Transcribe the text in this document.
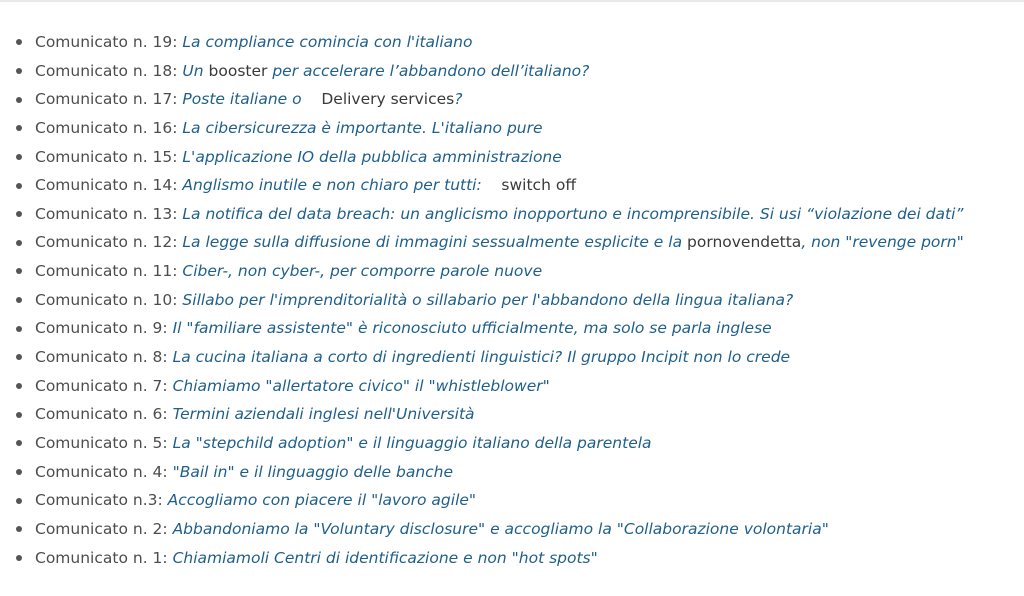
Comunicato n. 19: La compliance comincia con l'italiano
Comunicato n. 18: Un booster per accelerare l’abbandono dell’italiano?
Comunicato n. 17: Poste italiane o    Delivery services?
Comunicato n. 16: La cibersicurezza è importante. L'italiano pure
Comunicato n. 15: L'applicazione IO della pubblica amministrazione
Comunicato n. 14: Anglismo inutile e non chiaro per tutti:    switch off
Comunicato n. 13: La notifica del data breach: un anglicismo inopportuno e incomprensibile. Si usi “violazione dei dati”
Comunicato n. 12: La legge sulla diffusione di immagini sessualmente esplicite e la pornovendetta, non "revenge porn"
Comunicato n. 11: Ciber-, non cyber-, per comporre parole nuove
Comunicato n. 10: Sillabo per l'imprenditorialità o sillabario per l'abbandono della lingua italiana?
Comunicato n. 9: Il "familiare assistente" è riconosciuto ufficialmente, ma solo se parla inglese
Comunicato n. 8: La cucina italiana a corto di ingredienti linguistici? Il gruppo Incipit non lo crede
Comunicato n. 7: Chiamiamo "allertatore civico" il "whistleblower"
Comunicato n. 6: Termini aziendali inglesi nell'Università
Comunicato n. 5: La "stepchild adoption" e il linguaggio italiano della parentela
Comunicato n. 4: "Bail in" e il linguaggio delle banche
Comunicato n.3: Accogliamo con piacere il "lavoro agile"
Comunicato n. 2: Abbandoniamo la "Voluntary disclosure" e accogliamo la "Collaborazione volontaria"
Comunicato n. 1: Chiamiamoli Centri di identificazione e non "hot spots"
